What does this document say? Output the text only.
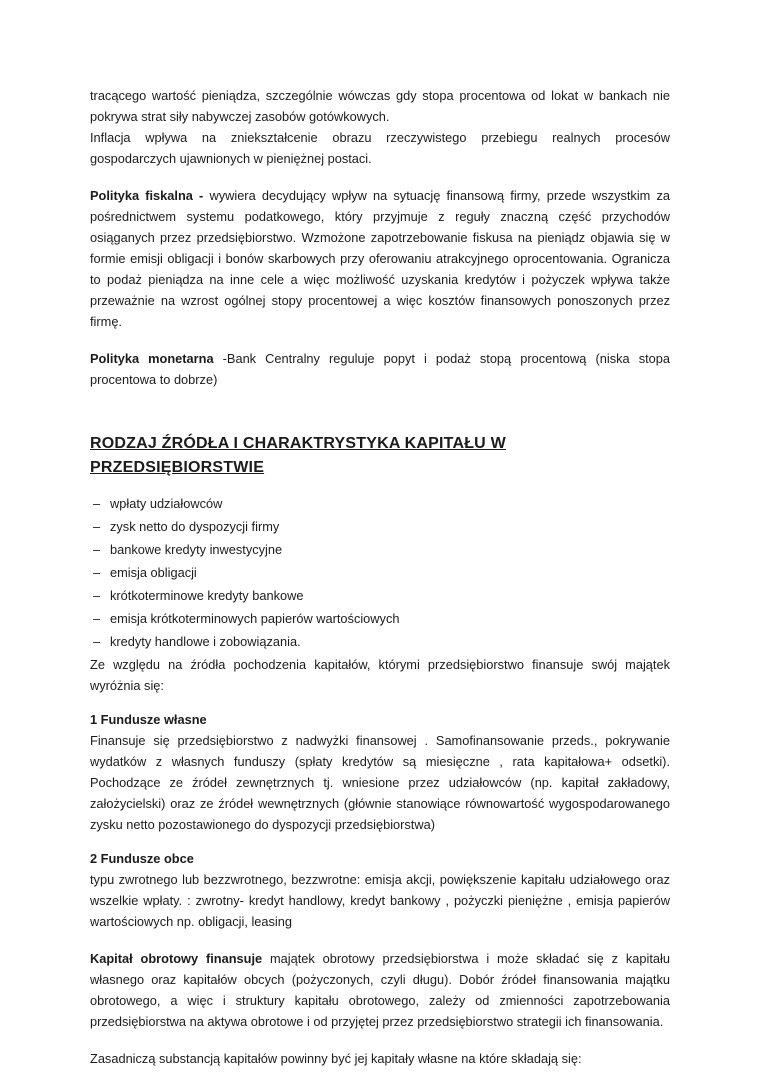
tracącego wartość pieniądza, szczególnie wówczas gdy stopa procentowa od lokat w bankach nie pokrywa strat siły nabywczej zasobów gotówkowych.

Inflacja wpływa na zniekształcenie obrazu rzeczywistego przebiegu realnych procesów gospodarczych ujawnionych w pieniężnej postaci.

Polityka fiskalna - wywiera decydujący wpływ na sytuację finansową firmy, przede wszystkim za pośrednictwem systemu podatkowego, który przyjmuje z reguły znaczną część przychodów osiąganych przez przedsiębiorstwo. Wzmożone zapotrzebowanie fiskusa na pieniądz objawia się w formie emisji obligacji i bonów skarbowych przy oferowaniu atrakcyjnego oprocentowania. Ogranicza to podaż pieniądza na inne cele a więc możliwość uzyskania kredytów i pożyczek wpływa także przeważnie na wzrost ogólnej stopy procentowej a więc kosztów finansowych ponoszonych przez firmę.

Polityka monetarna -Bank Centralny reguluje popyt i podaż stopą procentową (niska stopa procentowa to dobrze)

RODZAJ ŹRÓDŁA I CHARAKTRYSTYKA KAPITAŁU W PRZEDSIĘBIORSTWIE

– wpłaty udziałowców
– zysk netto do dyspozycji firmy
– bankowe kredyty inwestycyjne
– emisja obligacji
– krótkoterminowe kredyty bankowe
– emisja krótkoterminowych papierów wartościowych
– kredyty handlowe i zobowiązania.

Ze względu na źródła pochodzenia kapitałów, którymi przedsiębiorstwo finansuje swój majątek wyróżnia się:

1 Fundusze własne

Finansuje się przedsiębiorstwo z nadwyżki finansowej . Samofinansowanie przeds., pokrywanie wydatków z własnych funduszy (spłaty kredytów są miesięczne , rata kapitałowa+ odsetki). Pochodzące ze źródeł zewnętrznych tj. wniesione przez udziałowców (np. kapitał zakładowy, założycielski) oraz ze źródeł wewnętrznych (głównie stanowiące równowartość wygospodarowanego zysku netto pozostawionego do dyspozycji przedsiębiorstwa)

2 Fundusze obce

typu zwrotnego lub bezzwrotnego, bezzwrotne: emisja akcji, powiększenie kapitału udziałowego oraz wszelkie wpłaty. : zwrotny- kredyt handlowy, kredyt bankowy , pożyczki pieniężne , emisja papierów wartościowych np. obligacji, leasing

Kapitał obrotowy finansuje majątek obrotowy przedsiębiorstwa i może składać się z kapitału własnego oraz kapitałów obcych (pożyczonych, czyli długu). Dobór źródeł finansowania majątku obrotowego, a więc i struktury kapitału obrotowego, zależy od zmienności zapotrzebowania przedsiębiorstwa na aktywa obrotowe i od przyjętej przez przedsiębiorstwo strategii ich finansowania.

Zasadniczą substancją kapitałów powinny być jej kapitały własne na które składają się:
